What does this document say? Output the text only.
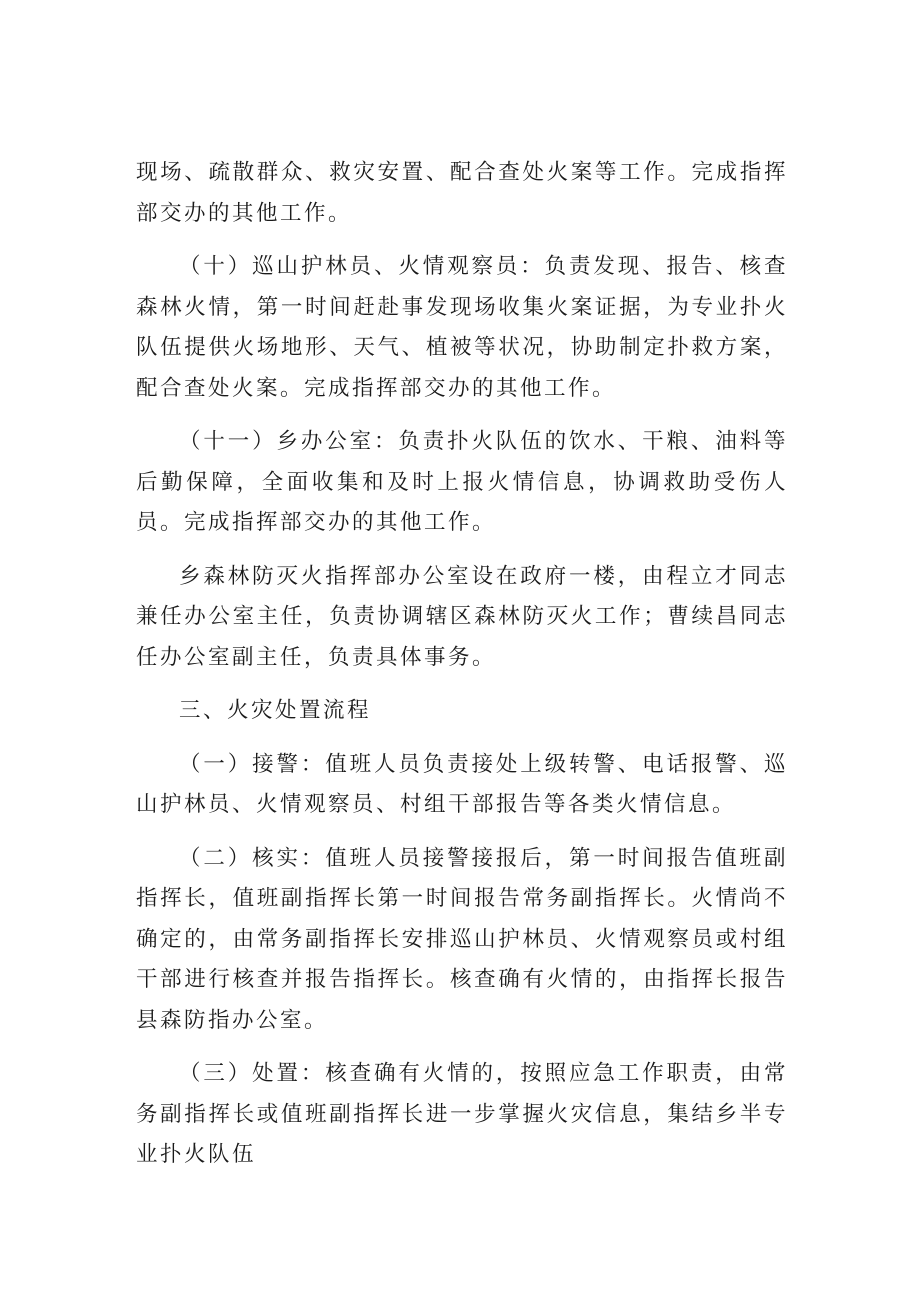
现场、疏散群众、救灾安置、配合查处火案等工作。完成指挥部交办的其他工作。

（十）巡山护林员、火情观察员：负责发现、报告、核查森林火情，第一时间赶赴事发现场收集火案证据，为专业扑火队伍提供火场地形、天气、植被等状况，协助制定扑救方案，配合查处火案。完成指挥部交办的其他工作。

（十一）乡办公室：负责扑火队伍的饮水、干粮、油料等后勤保障，全面收集和及时上报火情信息，协调救助受伤人员。完成指挥部交办的其他工作。

乡森林防灭火指挥部办公室设在政府一楼，由程立才同志兼任办公室主任，负责协调辖区森林防灭火工作；曹续昌同志任办公室副主任，负责具体事务。

三、火灾处置流程

（一）接警：值班人员负责接处上级转警、电话报警、巡山护林员、火情观察员、村组干部报告等各类火情信息。

（二）核实：值班人员接警接报后，第一时间报告值班副指挥长，值班副指挥长第一时间报告常务副指挥长。火情尚不确定的，由常务副指挥长安排巡山护林员、火情观察员或村组干部进行核查并报告指挥长。核查确有火情的，由指挥长报告县森防指办公室。

（三）处置：核查确有火情的，按照应急工作职责，由常务副指挥长或值班副指挥长进一步掌握火灾信息，集结乡半专业扑火队伍
